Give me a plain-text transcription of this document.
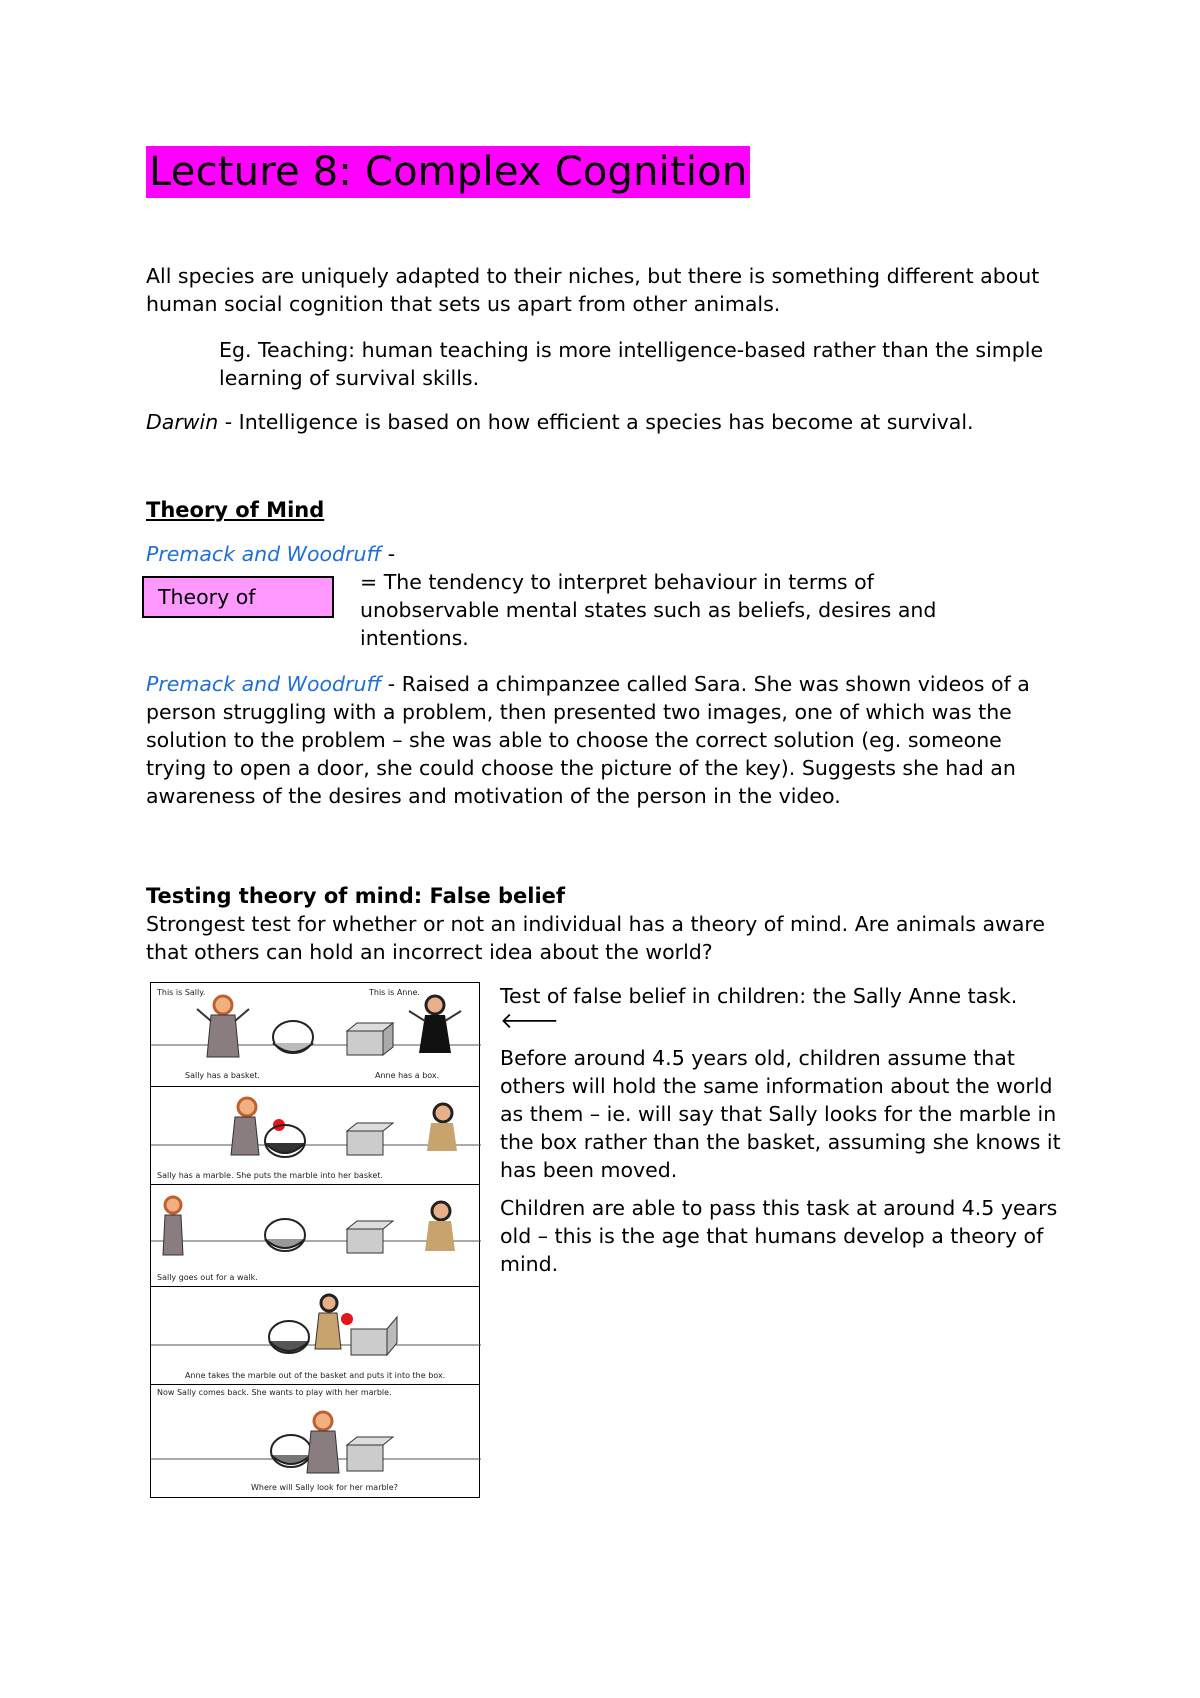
Lecture 8: Complex Cognition

All species are uniquely adapted to their niches, but there is something different about human social cognition that sets us apart from other animals.

Eg. Teaching: human teaching is more intelligence-based rather than the simple learning of survival skills.

Darwin - Intelligence is based on how efficient a species has become at survival.

Theory of Mind
Premack and Woodruff -
Theory of

= The tendency to interpret behaviour in terms of unobservable mental states such as beliefs, desires and intentions.

Premack and Woodruff - Raised a chimpanzee called Sara. She was shown videos of a person struggling with a problem, then presented two images, one of which was the solution to the problem – she was able to choose the correct solution (eg. someone trying to open a door, she could choose the picture of the key). Suggests she had an awareness of the desires and motivation of the person in the video.

Testing theory of mind: False belief

Strongest test for whether or not an individual has a theory of mind. Are animals aware that others can hold an incorrect idea about the world?

This is Sally.	This is Anne.
Sally has a basket.	Anne has a box.
Sally has a marble. She puts the marble into her basket.
Sally goes out for a walk.
Anne takes the marble out of the basket and puts it into the box.
Now Sally comes back. She wants to play with her marble.
Where will Sally look for her marble?

Test of false belief in children: the Sally Anne task.

🡐

Before around 4.5 years old, children assume that others will hold the same information about the world as them – ie. will say that Sally looks for the marble in the box rather than the basket, assuming she knows it has been moved.

Children are able to pass this task at around 4.5 years old – this is the age that humans develop a theory of mind.
